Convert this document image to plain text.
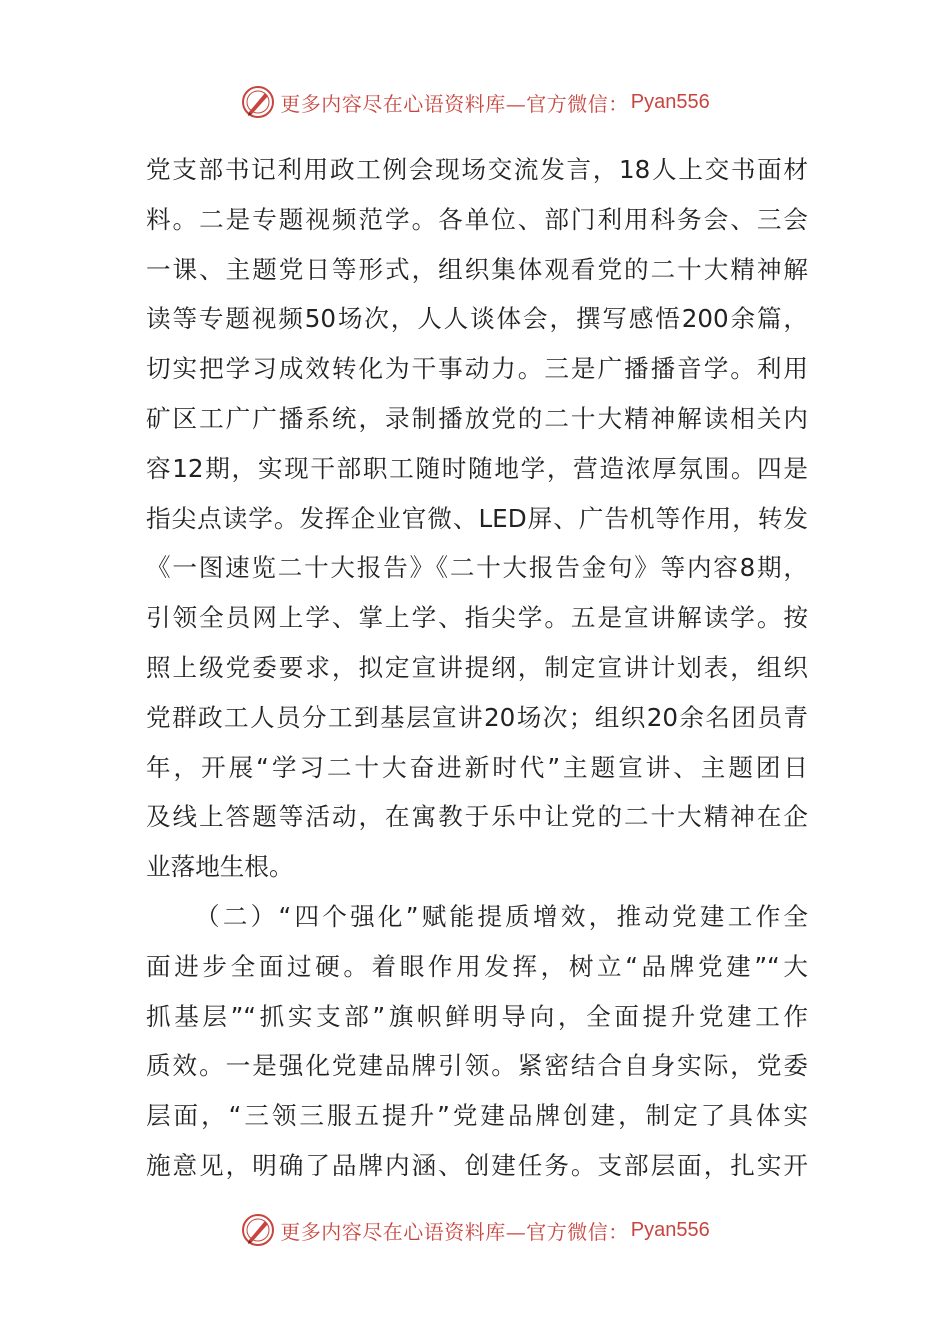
更多内容尽在心语资料库—官方微信： Pyan556
党支部书记利用政工例会现场交流发言，18人上交书面材
料。二是专题视频范学。各单位、部门利用科务会、三会
一课、主题党日等形式，组织集体观看党的二十大精神解
读等专题视频50场次，人人谈体会，撰写感悟200余篇，
切实把学习成效转化为干事动力。三是广播播音学。利用
矿区工广广播系统，录制播放党的二十大精神解读相关内
容12期，实现干部职工随时随地学，营造浓厚氛围。四是
指尖点读学。发挥企业官微、LED屏、广告机等作用，转发
《一图速览二十大报告》《二十大报告金句》等内容8期，
引领全员网上学、掌上学、指尖学。五是宣讲解读学。按
照上级党委要求，拟定宣讲提纲，制定宣讲计划表，组织
党群政工人员分工到基层宣讲20场次；组织20余名团员青
年，开展“学习二十大奋进新时代”主题宣讲、主题团日
及线上答题等活动，在寓教于乐中让党的二十大精神在企
业落地生根。
（二）“四个强化”赋能提质增效，推动党建工作全
面进步全面过硬。着眼作用发挥，树立“品牌党建”“大
抓基层”“抓实支部”旗帜鲜明导向，全面提升党建工作
质效。一是强化党建品牌引领。紧密结合自身实际，党委
层面，“三领三服五提升”党建品牌创建，制定了具体实
施意见，明确了品牌内涵、创建任务。支部层面，扎实开
更多内容尽在心语资料库—官方微信： Pyan556
